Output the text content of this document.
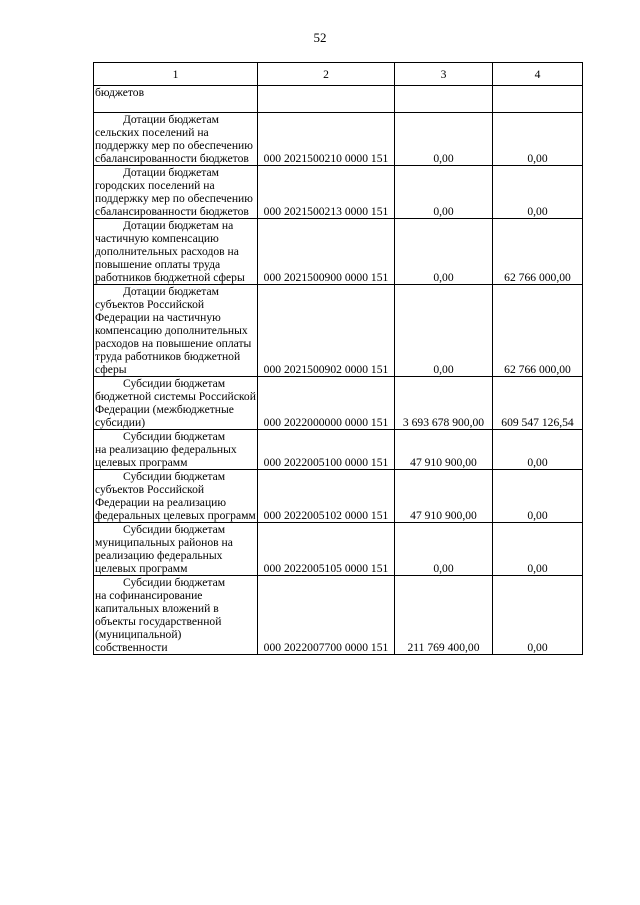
52
1	2	3	4
бюджетов			

Дотации бюджетам
сельских поселений на поддержку мер по обеспечению сбалансированности бюджетов	000 2021500210 0000 151	0,00	0,00

Дотации бюджетам
городских поселений на поддержку мер по обеспечению сбалансированности бюджетов	000 2021500213 0000 151	0,00	0,00

Дотации бюджетам на
частичную компенсацию дополнительных расходов на повышение оплаты труда работников бюджетной сферы	000 2021500900 0000 151	0,00	62 766 000,00

Дотации бюджетам
субъектов Российской Федерации на частичную компенсацию дополнительных расходов на повышение оплаты труда работников бюджетной сферы	000 2021500902 0000 151	0,00	62 766 000,00

Субсидии бюджетам
бюджетной системы Российской Федерации (межбюджетные субсидии)	000 2022000000 0000 151	3 693 678 900,00	609 547 126,54

Субсидии бюджетам
на реализацию федеральных целевых программ	000 2022005100 0000 151	47 910 900,00	0,00

Субсидии бюджетам
субъектов Российской Федерации на реализацию федеральных целевых программ	000 2022005102 0000 151	47 910 900,00	0,00

Субсидии бюджетам
муниципальных районов на реализацию федеральных целевых программ	000 2022005105 0000 151	0,00	0,00

Субсидии бюджетам
на софинансирование капитальных вложений в объекты государственной (муниципальной) собственности	000 2022007700 0000 151	211 769 400,00	0,00
